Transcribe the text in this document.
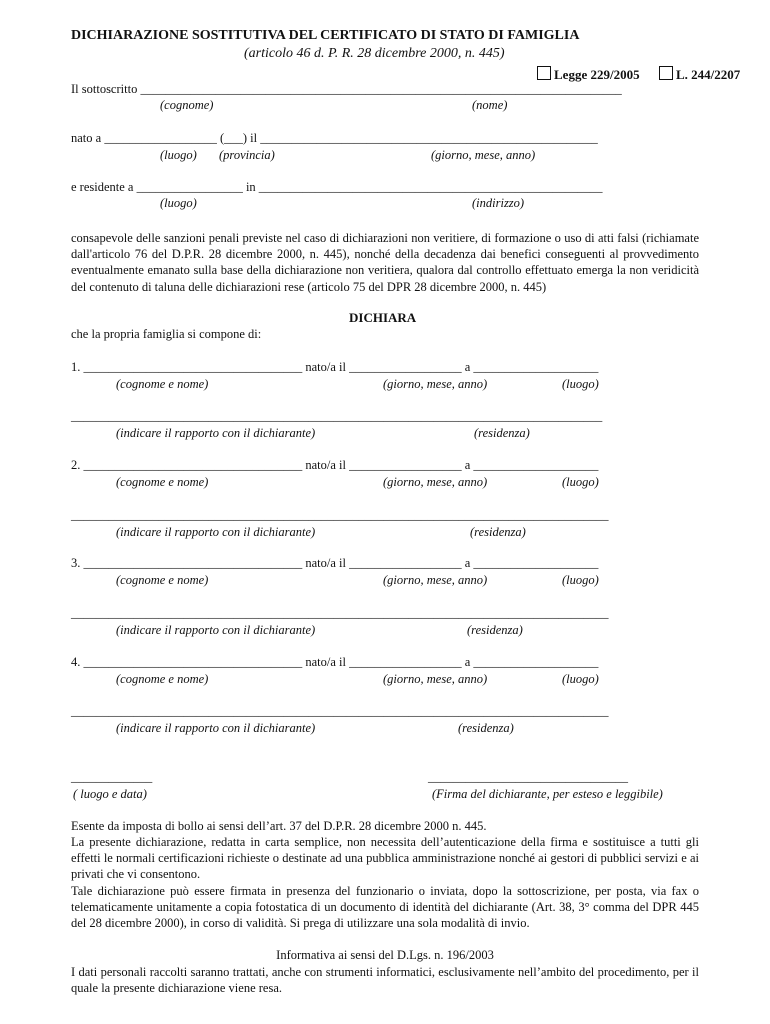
DICHIARAZIONE SOSTITUTIVA DEL CERTIFICATO DI STATO DI FAMIGLIA
(articolo 46 d. P. R. 28 dicembre 2000, n. 445)
Legge 229/2005	L. 244/2207
Il sottoscritto _____________________________________________________________________________
(cognome)	(nome)
nato a __________________ (___) il ______________________________________________________
(luogo) (provincia)	(giorno, mese, anno)
e residente a _________________ in _______________________________________________________
(luogo)	(indirizzo)
consapevole delle sanzioni penali previste nel caso di dichiarazioni non veritiere, di formazione o uso di atti falsi (richiamate dall'articolo 76 del D.P.R. 28 dicembre 2000, n. 445), nonché della decadenza dai benefici conseguenti al provvedimento eventualmente emanato sulla base della dichiarazione non veritiera, qualora dal controllo effettuato emerga la non veridicità del contenuto di taluna delle dichiarazioni rese (articolo 75 del DPR 28 dicembre 2000, n. 445)
DICHIARA
che la propria famiglia si compone di:
1. ___________________________________ nato/a il __________________ a ____________________
(cognome e nome)	(giorno, mese, anno)	(luogo)
_____________________________________________________________________________________
(indicare il rapporto con il dichiarante)	(residenza)
2. ___________________________________ nato/a il __________________ a ____________________
(cognome e nome)	(giorno, mese, anno)	(luogo)
______________________________________________________________________________________
(indicare il rapporto con il dichiarante)	(residenza)
3. ___________________________________ nato/a il __________________ a ____________________
(cognome e nome)	(giorno, mese, anno)	(luogo)
______________________________________________________________________________________
(indicare il rapporto con il dichiarante)	(residenza)
4. ___________________________________ nato/a il __________________ a ____________________
(cognome e nome)	(giorno, mese, anno)	(luogo)
______________________________________________________________________________________
(indicare il rapporto con il dichiarante)	(residenza)
_____________
( luogo e data)
________________________________
(Firma del dichiarante, per esteso e leggibile)
Esente da imposta di bollo ai sensi dell’art. 37 del D.P.R. 28 dicembre 2000 n. 445.
La presente dichiarazione, redatta in carta semplice, non necessita dell’autenticazione della firma e sostituisce a tutti gli effetti le normali certificazioni richieste o destinate ad una pubblica amministrazione nonché ai gestori di pubblici servizi e ai privati che vi consentono.
Tale dichiarazione può essere firmata in presenza del funzionario o inviata, dopo la sottoscrizione, per posta, via fax o telematicamente unitamente a copia fotostatica di un documento di identità del dichiarante (Art. 38, 3° comma del DPR 445 del 28 dicembre 2000), in corso di validità. Si prega di utilizzare una sola modalità di invio.
Informativa ai sensi del D.Lgs. n. 196/2003
I dati personali raccolti saranno trattati, anche con strumenti informatici, esclusivamente nell’ambito del procedimento, per il quale la presente dichiarazione viene resa.
